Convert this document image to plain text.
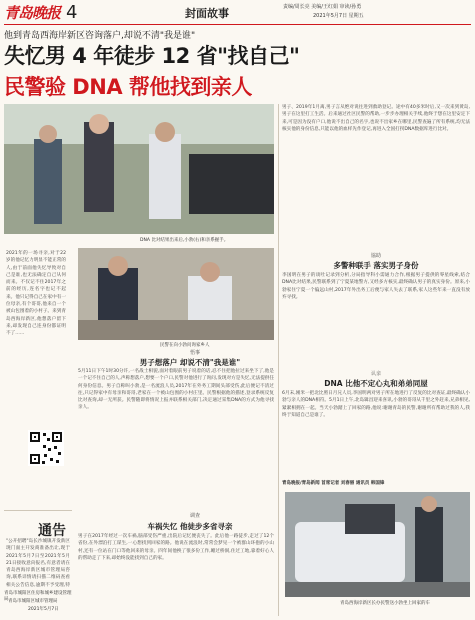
青岛晚报 4	封面故事	责编/周长亮 美编/王红娟 审读/孙勇
2021年5月7日 星期五
他到青岛西海岸新区咨询落户,却说不清"我是谁"
失忆男 4 年徒步 12 省"找自己"
民警验 DNA 帮他找到亲人
DNA 比对结果出来后,小勃(右)和亲系握手。
2021年的一场寻亲,对于22岁的他记忆力明显不能正常的人,由于前面他失忆导致对自己是谁,也无法确定自己从何而来。不仅记不住2017年之前的经历,连名字也记不起来。他只记得自己在家中有一位母亲,有个哥哥,他来自一个被山包围着的小村子。来到青岛西海岸新区,他想落户留下来,却发现自己连身份都证明不了……
民警在向小勃问询家乡人
悟事
男子想落户 却说不清"我是谁"
5月11日下午1时30分许,一名战士相貌,面对着眼前男子说着的话,忍不住把他拉过来坐下了,他是一个记不住自己的人,声称想落户,想要一个户口,民警对他进行了询问,发现对方是失忆,无法提供任何身份信息。男子自称叫小勃,是一名流浪人员,2017年在外务工期间头部受伤,此后便记不清过往,只记得家中有母亲和哥哥,老家在一个被山包围的小村庄里。民警根据他的描述,登录系统反复比对查询,却一无所获。民警随即将情况上报并联系相关部门,决定通过采集DNA的方式为他寻找亲人。
通告
"公开招聘"岛长沙城镇开发新区现门面主开发商准备出让,现于2021年5月7日至2021年5月21日接收意向报名,有意者请在青岛西海岸新区城市管理局咨询,联系详情请扫描二维码查看相关公告信息,逾期不予受理,特
青岛市城阳区住房和城乡建设管理局 青岛市城阳区城市管理局
2021年5月7日
调查
车祸失忆 他徒步多省寻亲
男子在2017年经过一次车祸,脑部受伤严重,出院后记忆便丧失了。此后他一路徒步,走过了12个省份,在外漂泊打工谋生,一心想找到回家的路。他说在流浪时,常常会梦见一个被群山环抱的小山村,还有一位站在门口等他回来的母亲。四年间他换了很多份工作,睡过桥洞,住过工地,靠着好心人的帮助走了下来,却始终没能找到自己的家。
男子、2019年1月离,男子言从绝对说往进到救助登记。途中有40多米时后,又一次来到黄岛,男子在这里打工生活。后来通过社区民警的帮助,一步步办理相关手续,他终于想在这里安定下来,可是因为没有户口,他说不出自己的名字,也说不出家乡在哪里,民警查遍了所有系统,均无法核实他的身份信息,只能以他的血样先作登记,再进入全国打拐DNA数据库进行比对。
協助
多警种联手 落实男子身份
李国明在男子的谈吐记录到分析,分局指导科小需通力合作,根据男子提供的零星线索,结合DNA比对结果,民警联系到了宁夏某地警方,又经多方核实,最终确认男子的真实身份。原来,小勃家住宁夏一个偏远山村,2017年外出务工后便与家人失去了联系,家人这些年来一直没有放弃寻找。
认亲
DNA 比他不定心丸和弟弟同屋
6月末,刚米一把北比照日月兄人员,李国明两对男子所在地进行了反复的比对查证,最终确认小勃与亲人的DNA相符。5月1日上午,北岛辑昌迎来喜讯,小勃的哥哥从千里之外赶来,兄弟相见,紧紧相拥在一起。当天小勃踏上了回家的路,他说:谢谢青岛的民警,谢谢所有帮助过我的人,我终于知道自己是谁了。
青岛晚报/青岛新闻 首席记者 刘春丽 通讯员 韩国锋
青岛西海岸新区长办民警送小勃坐上回家的车
